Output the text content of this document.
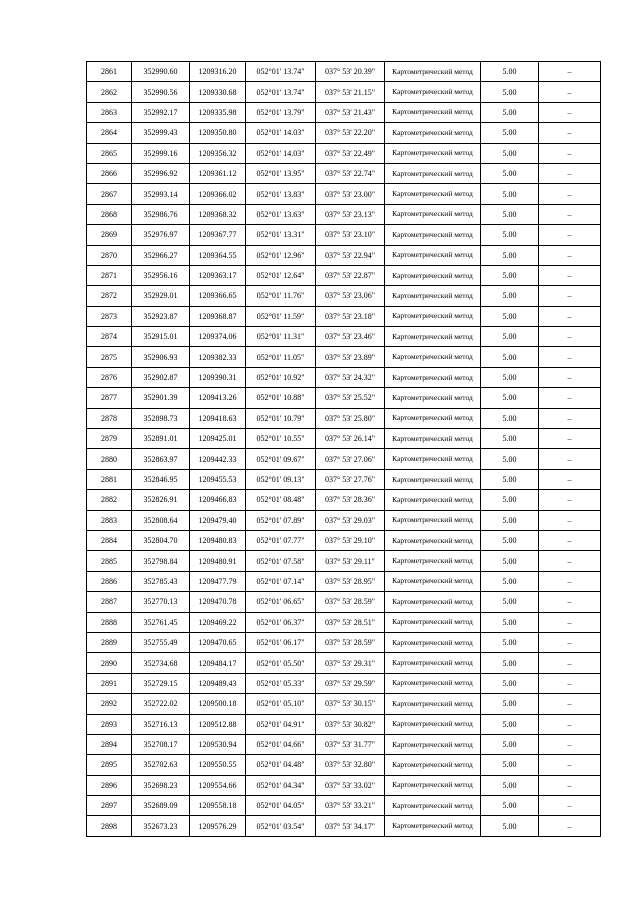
2861	352990.60	1209316.20	052°01' 13.74"	037° 53' 20.39"	Картометрический метод	5.00	–
2862	352990.56	1209330.68	052°01' 13.74"	037° 53' 21.15"	Картометрический метод	5.00	–
2863	352992.17	1209335.98	052°01' 13.79"	037° 53' 21.43"	Картометрический метод	5.00	–
2864	352999.43	1209350.80	052°01' 14.03"	037° 53' 22.20"	Картометрический метод	5.00	–
2865	352999.16	1209356.32	052°01' 14.03"	037° 53' 22.49"	Картометрический метод	5.00	–
2866	352996.92	1209361.12	052°01' 13.95"	037° 53' 22.74"	Картометрический метод	5.00	–
2867	352993.14	1209366.02	052°01' 13.83"	037° 53' 23.00"	Картометрический метод	5.00	–
2868	352986.76	1209368.32	052°01' 13.63"	037° 53' 23.13"	Картометрический метод	5.00	–
2869	352976.97	1209367.77	052°01' 13.31"	037° 53' 23.10"	Картометрический метод	5.00	–
2870	352966.27	1209364.55	052°01' 12.96"	037° 53' 22.94"	Картометрический метод	5.00	–
2871	352956.16	1209363.17	052°01' 12.64"	037° 53' 22.87"	Картометрический метод	5.00	–
2872	352929.01	1209366.65	052°01' 11.76"	037° 53' 23.06"	Картометрический метод	5.00	–
2873	352923.87	1209368.87	052°01' 11.59"	037° 53' 23.18"	Картометрический метод	5.00	–
2874	352915.01	1209374.06	052°01' 11.31"	037° 53' 23.46"	Картометрический метод	5.00	–
2875	352906.93	1209382.33	052°01' 11.05"	037° 53' 23.89"	Картометрический метод	5.00	–
2876	352902.87	1209390.31	052°01' 10.92"	037° 53' 24.32"	Картометрический метод	5.00	–
2877	352901.39	1209413.26	052°01' 10.88"	037° 53' 25.52"	Картометрический метод	5.00	–
2878	352898.73	1209418.63	052°01' 10.79"	037° 53' 25.80"	Картометрический метод	5.00	–
2879	352891.01	1209425.01	052°01' 10.55"	037° 53' 26.14"	Картометрический метод	5.00	–
2880	352863.97	1209442.33	052°01' 09.67"	037° 53' 27.06"	Картометрический метод	5.00	–
2881	352846.95	1209455.53	052°01' 09.13"	037° 53' 27.76"	Картометрический метод	5.00	–
2882	352826.91	1209466.83	052°01' 08.48"	037° 53' 28.36"	Картометрический метод	5.00	–
2883	352808.64	1209479.40	052°01' 07.89"	037° 53' 29.03"	Картометрический метод	5.00	–
2884	352804.70	1209480.83	052°01' 07.77"	037° 53' 29.10"	Картометрический метод	5.00	–
2885	352798.84	1209480.91	052°01' 07.58"	037° 53' 29.11"	Картометрический метод	5.00	–
2886	352785.43	1209477.79	052°01' 07.14"	037° 53' 28.95"	Картометрический метод	5.00	–
2887	352770.13	1209470.78	052°01' 06.65"	037° 53' 28.59"	Картометрический метод	5.00	–
2888	352761.45	1209469.22	052°01' 06.37"	037° 53' 28.51"	Картометрический метод	5.00	–
2889	352755.49	1209470.65	052°01' 06.17"	037° 53' 28.59"	Картометрический метод	5.00	–
2890	352734.68	1209484.17	052°01' 05.50"	037° 53' 29.31"	Картометрический метод	5.00	–
2891	352729.15	1209489.43	052°01' 05.33"	037° 53' 29.59"	Картометрический метод	5.00	–
2892	352722.02	1209500.18	052°01' 05.10"	037° 53' 30.15"	Картометрический метод	5.00	–
2893	352716.13	1209512.88	052°01' 04.91"	037° 53' 30.82"	Картометрический метод	5.00	–
2894	352708.17	1209530.94	052°01' 04.66"	037° 53' 31.77"	Картометрический метод	5.00	–
2895	352702.63	1209550.55	052°01' 04.48"	037° 53' 32.80"	Картометрический метод	5.00	–
2896	352698.23	1209554.66	052°01' 04.34"	037° 53' 33.02"	Картометрический метод	5.00	–
2897	352689.09	1209558.18	052°01' 04.05"	037° 53' 33.21"	Картометрический метод	5.00	–
2898	352673.23	1209576.29	052°01' 03.54"	037° 53' 34.17"	Картометрический метод	5.00	–
